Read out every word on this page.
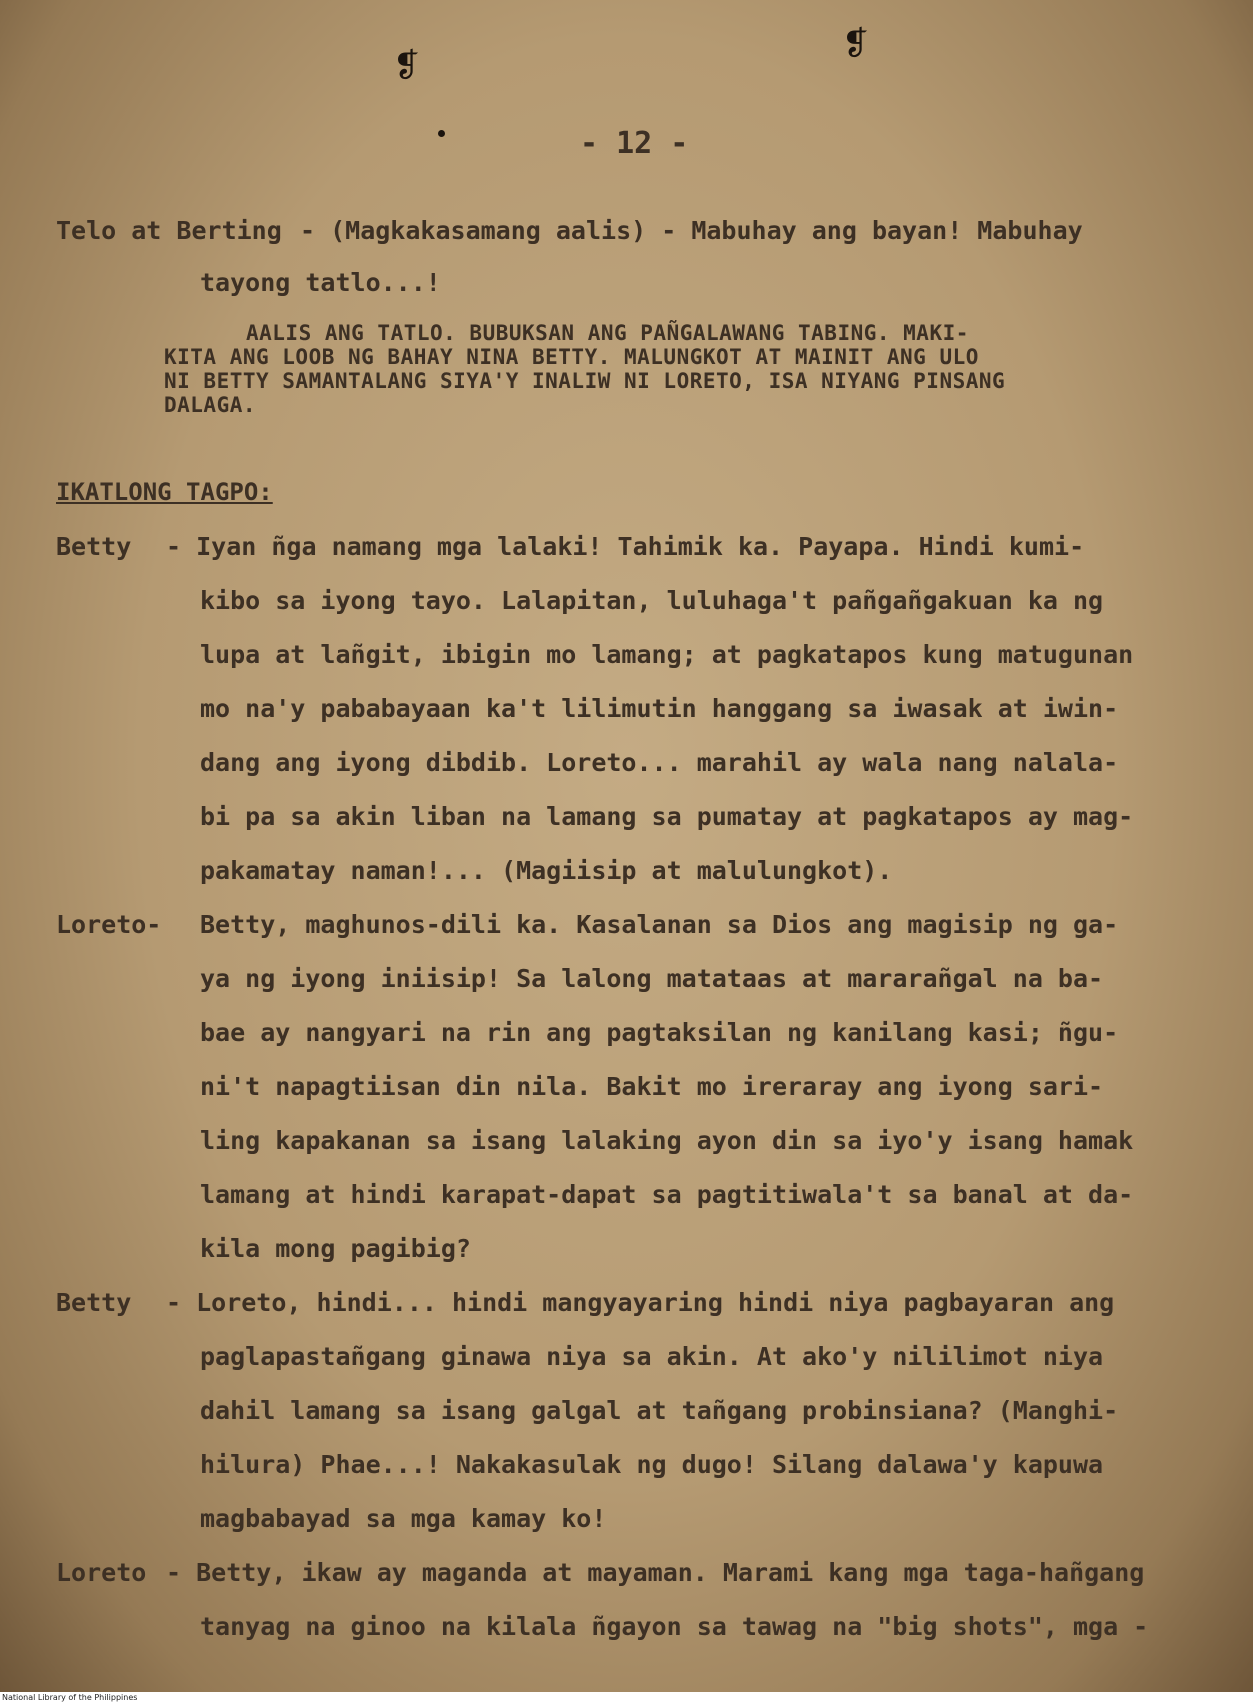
❡	❡
- 12 -
Telo at Berting - (Magkakasamang aalis) - Mabuhay ang bayan! Mabuhay
tayong tatlo...!
AALIS ANG TATLO. BUBUKSAN ANG PAÑGALAWANG TABING. MAKI-
KITA ANG LOOB NG BAHAY NINA BETTY. MALUNGKOT AT MAINIT ANG ULO
NI BETTY SAMANTALANG SIYA'Y INALIW NI LORETO, ISA NIYANG PINSANG
DALAGA.
IKATLONG TAGPO:
Betty - Iyan ñga namang mga lalaki! Tahimik ka. Payapa. Hindi kumi-
kibo sa iyong tayo. Lalapitan, luluhaga't pañgañgakuan ka ng
lupa at lañgit, ibigin mo lamang; at pagkatapos kung matugunan
mo na'y pababayaan ka't lilimutin hanggang sa iwasak at iwin-
dang ang iyong dibdib. Loreto... marahil ay wala nang nalala-
bi pa sa akin liban na lamang sa pumatay at pagkatapos ay mag-
pakamatay naman!... (Magiisip at malulungkot).
Loreto- Betty, maghunos-dili ka. Kasalanan sa Dios ang magisip ng ga-
ya ng iyong iniisip! Sa lalong matataas at mararañgal na ba-
bae ay nangyari na rin ang pagtaksilan ng kanilang kasi; ñgu-
ni't napagtiisan din nila. Bakit mo ireraray ang iyong sari-
ling kapakanan sa isang lalaking ayon din sa iyo'y isang hamak
lamang at hindi karapat-dapat sa pagtitiwala't sa banal at da-
kila mong pagibig?
Betty - Loreto, hindi... hindi mangyayaring hindi niya pagbayaran ang
paglapastañgang ginawa niya sa akin. At ako'y nililimot niya
dahil lamang sa isang galgal at tañgang probinsiana? (Manghi-
hilura) Phae...! Nakakasulak ng dugo! Silang dalawa'y kapuwa
magbabayad sa mga kamay ko!
Loreto - Betty, ikaw ay maganda at mayaman. Marami kang mga taga-hañgang
tanyag na ginoo na kilala ñgayon sa tawag na "big shots", mga -
National Library of the Philippines
